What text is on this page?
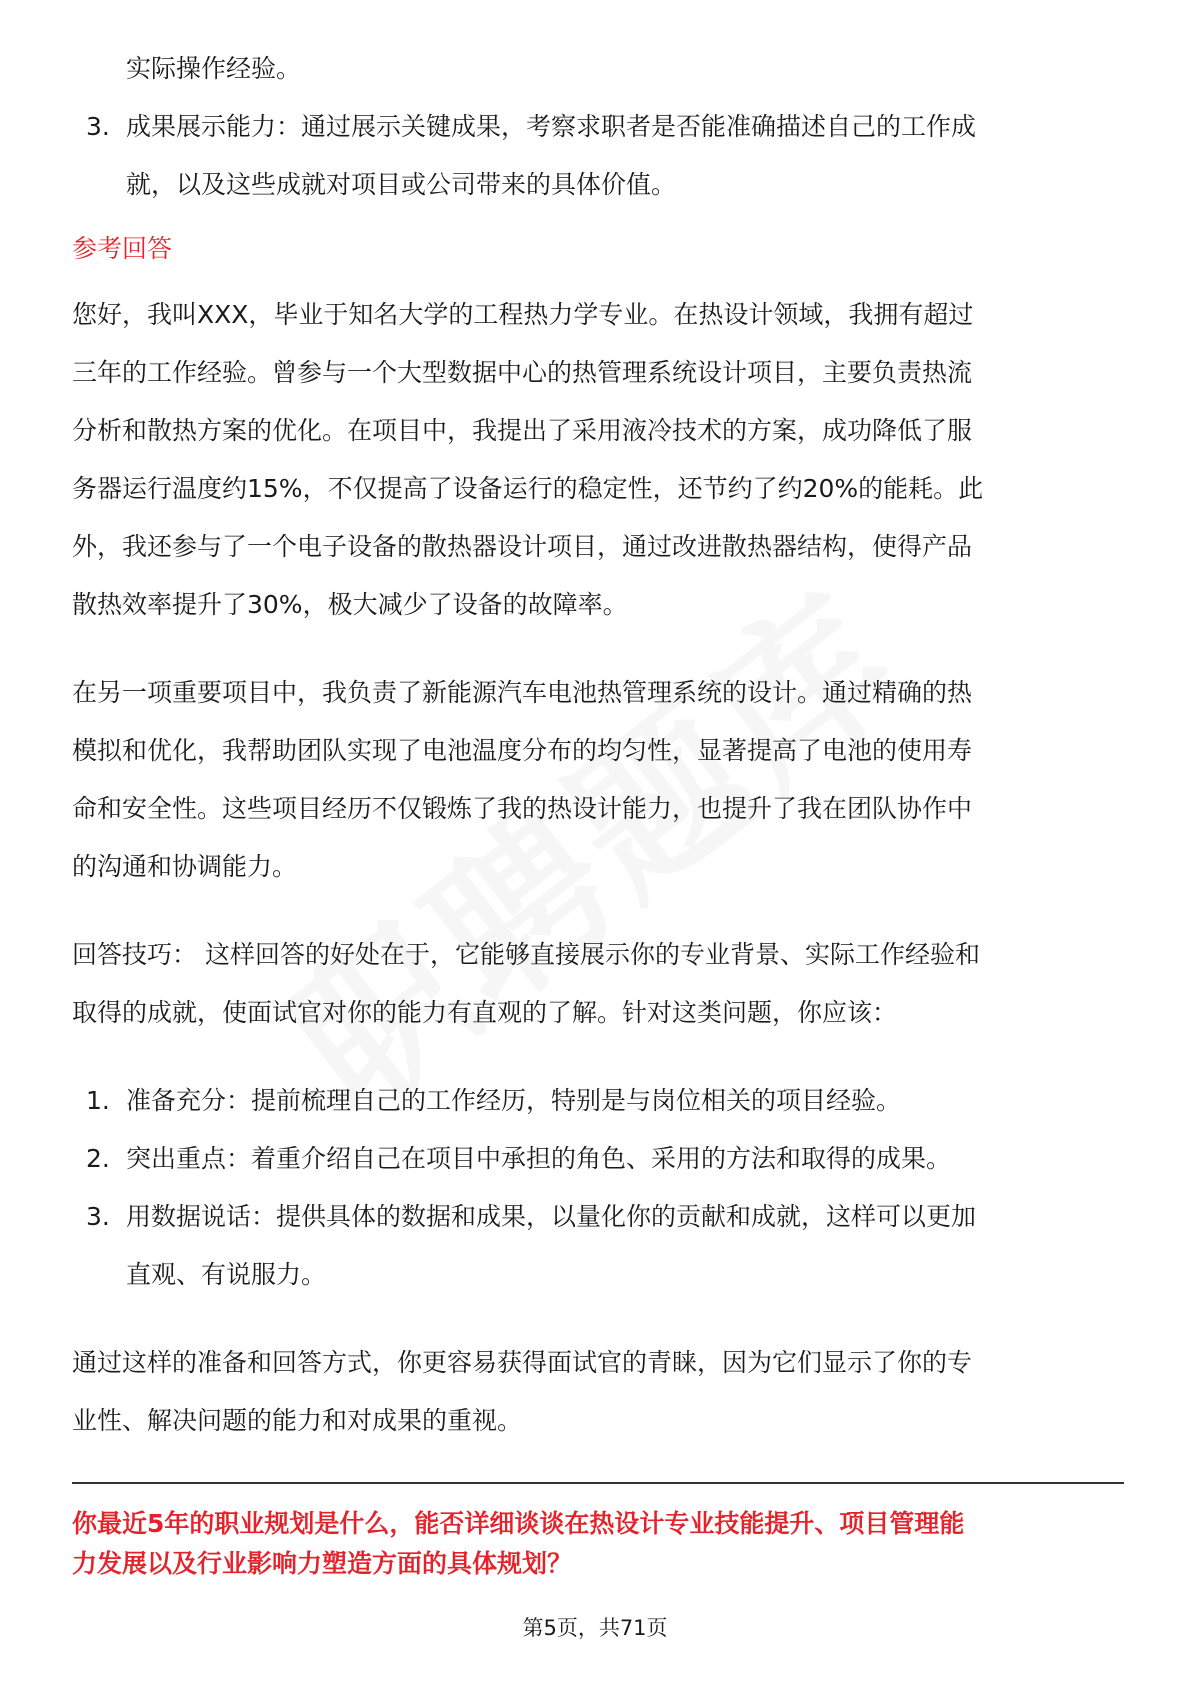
实际操作经验。

3. 成果展示能力：通过展示关键成果，考察求职者是否能准确描述自己的工作成

就，以及这些成就对项目或公司带来的具体价值。

参考回答

您好，我叫XXX，毕业于知名大学的工程热力学专业。在热设计领域，我拥有超过

三年的工作经验。曾参与一个大型数据中心的热管理系统设计项目，主要负责热流

分析和散热方案的优化。在项目中，我提出了采用液冷技术的方案，成功降低了服

务器运行温度约15%，不仅提高了设备运行的稳定性，还节约了约20%的能耗。此

外，我还参与了一个电子设备的散热器设计项目，通过改进散热器结构，使得产品

散热效率提升了30%，极大减少了设备的故障率。

在另一项重要项目中，我负责了新能源汽车电池热管理系统的设计。通过精确的热

模拟和优化，我帮助团队实现了电池温度分布的均匀性，显著提高了电池的使用寿

命和安全性。这些项目经历不仅锻炼了我的热设计能力，也提升了我在团队协作中

的沟通和协调能力。

回答技巧： 这样回答的好处在于，它能够直接展示你的专业背景、实际工作经验和

取得的成就，使面试官对你的能力有直观的了解。针对这类问题，你应该：

1. 准备充分：提前梳理自己的工作经历，特别是与岗位相关的项目经验。

2. 突出重点：着重介绍自己在项目中承担的角色、采用的方法和取得的成果。

3. 用数据说话：提供具体的数据和成果，以量化你的贡献和成就，这样可以更加

直观、有说服力。

通过这样的准备和回答方式，你更容易获得面试官的青睐，因为它们显示了你的专

业性、解决问题的能力和对成果的重视。

你最近5年的职业规划是什么，能否详细谈谈在热设计专业技能提升、项目管理能

力发展以及行业影响力塑造方面的具体规划？

第5页，共71页
